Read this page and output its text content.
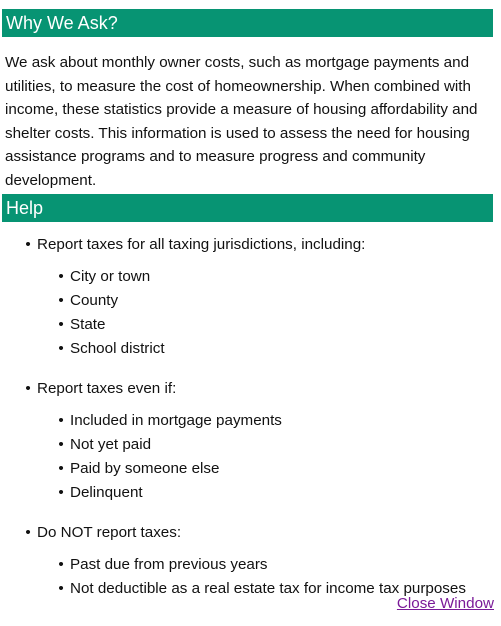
Why We Ask?
We ask about monthly owner costs, such as mortgage payments and utilities, to measure the cost of homeownership. When combined with income, these statistics provide a measure of housing affordability and shelter costs. This information is used to assess the need for housing assistance programs and to measure progress and community development.
Help
• Report taxes for all taxing jurisdictions, including:
• City or town
• County
• State
• School district
• Report taxes even if:
• Included in mortgage payments
• Not yet paid
• Paid by someone else
• Delinquent
• Do NOT report taxes:
• Past due from previous years
• Not deductible as a real estate tax for income tax purposes
Close Window
